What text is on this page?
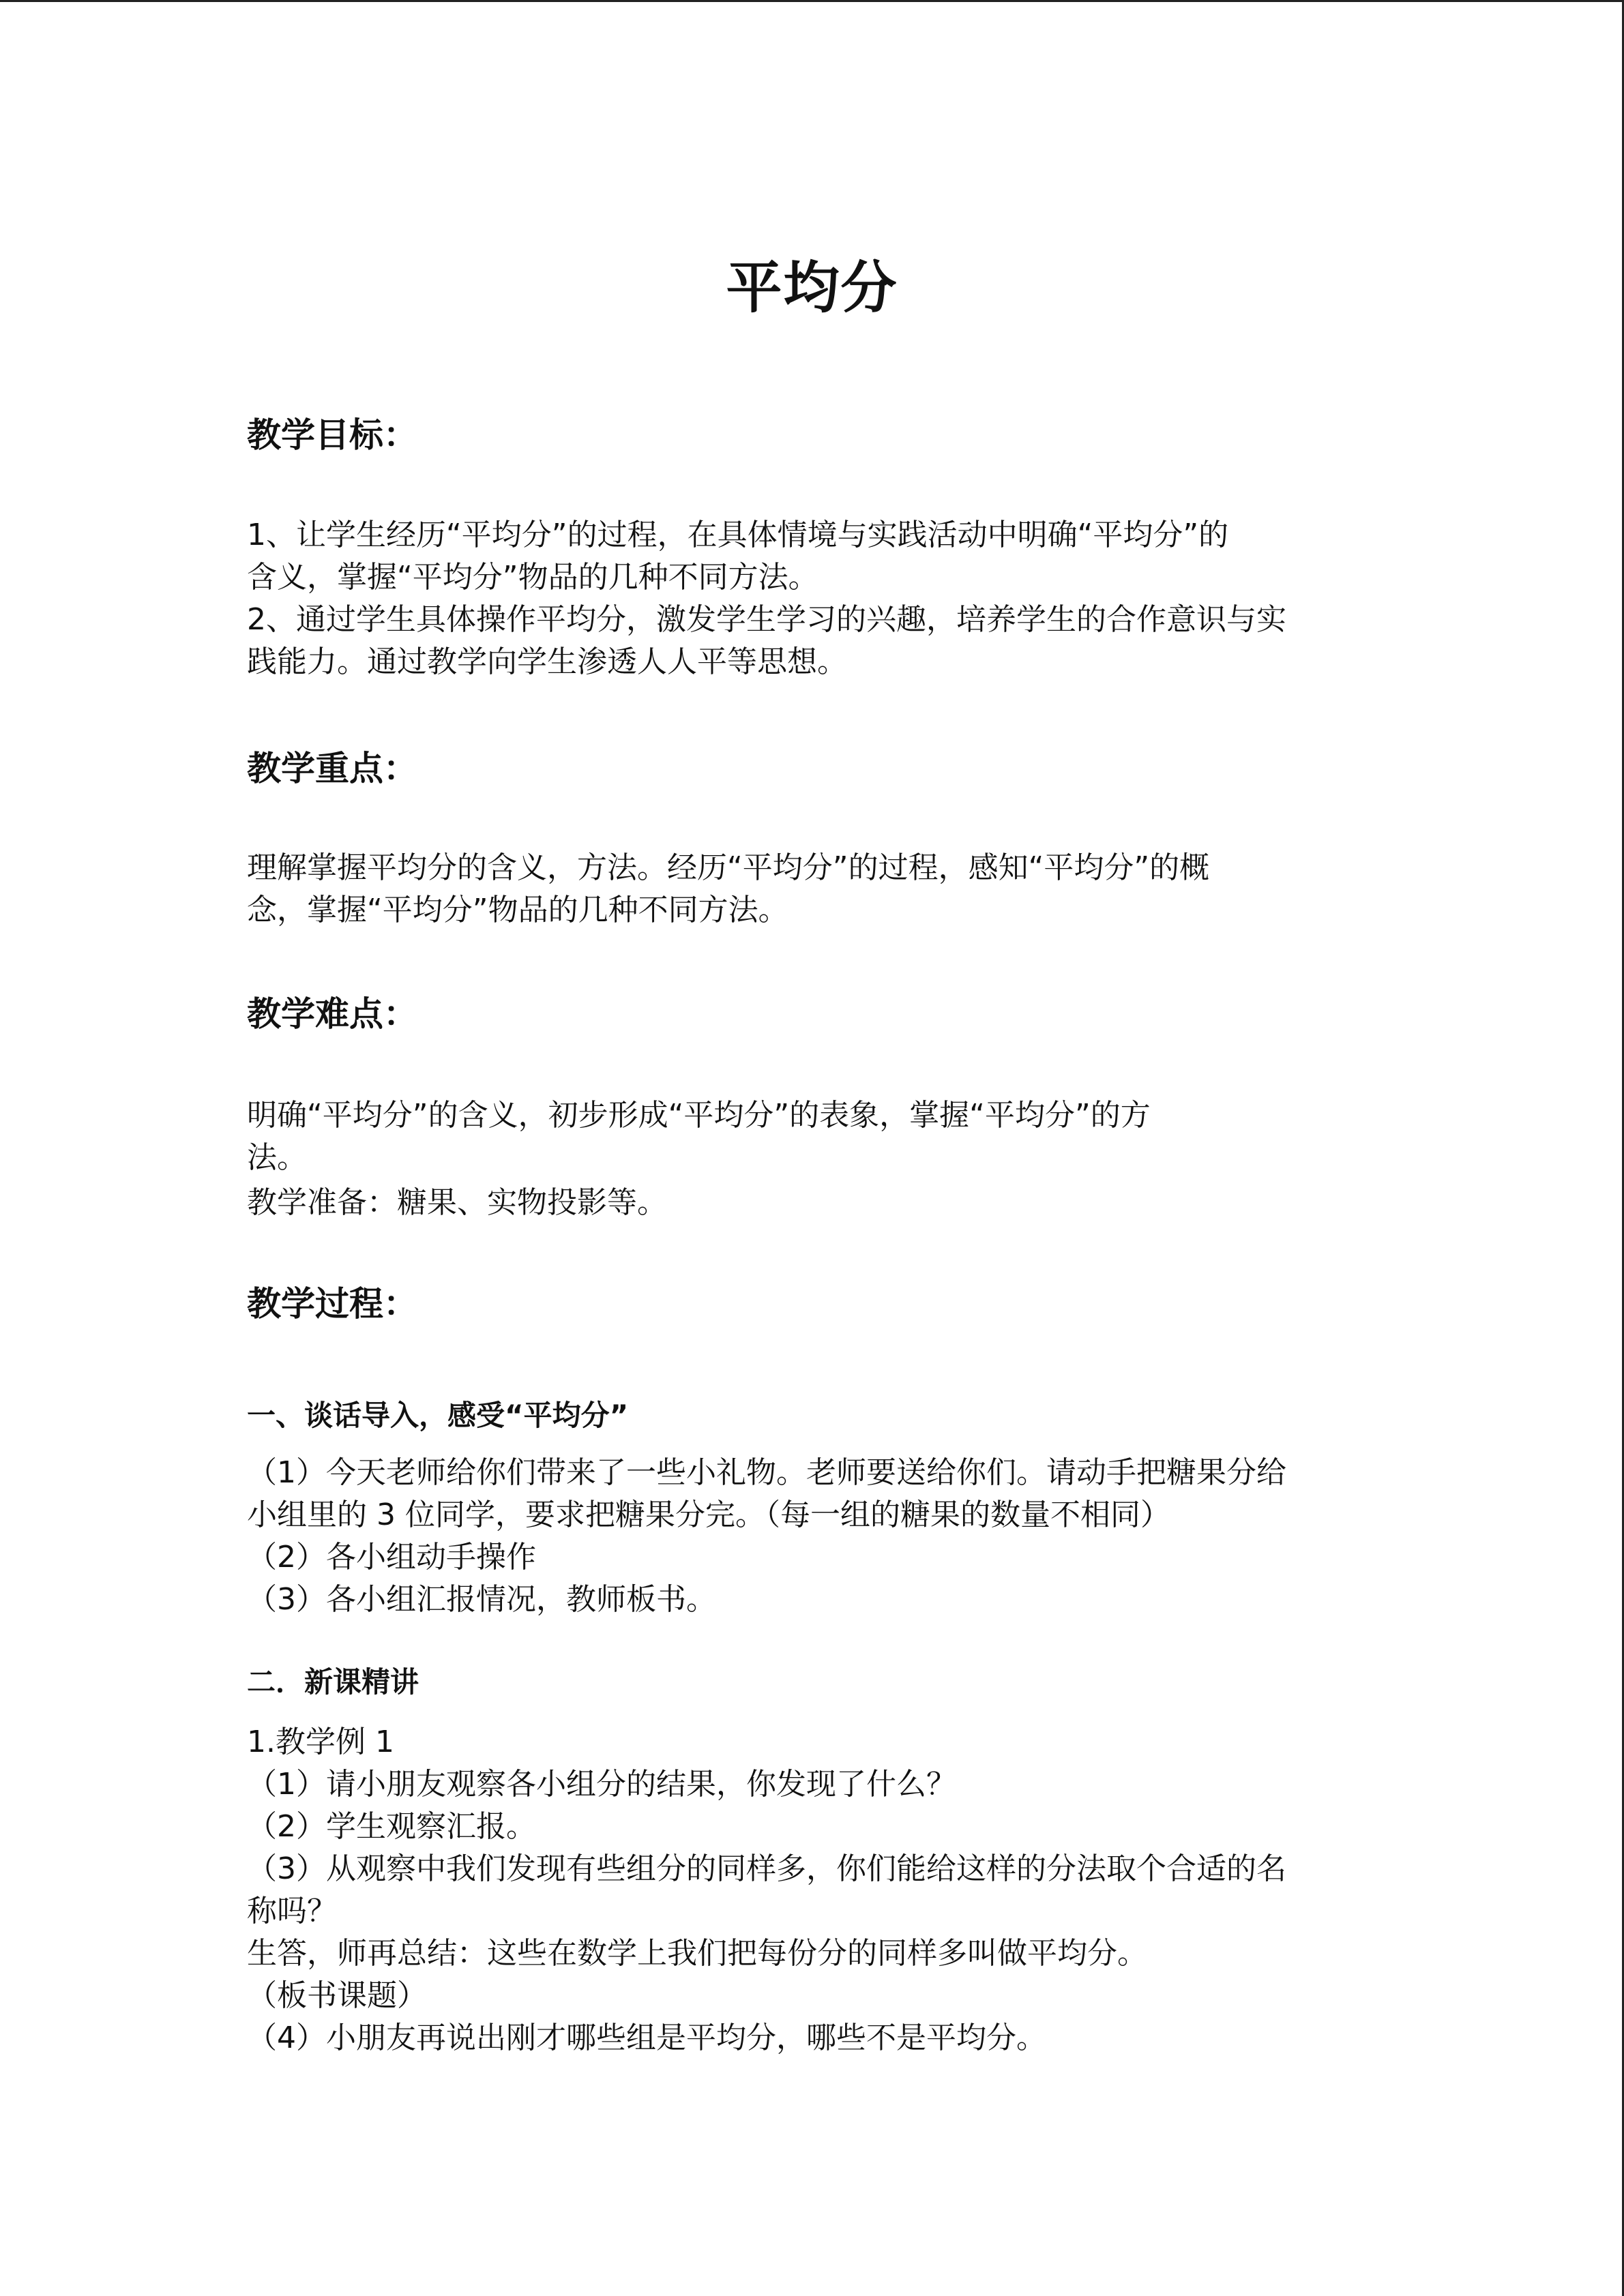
平均分
教学目标：
1、让学生经历“平均分”的过程，在具体情境与实践活动中明确“平均分”的
含义，掌握“平均分”物品的几种不同方法。
2、通过学生具体操作平均分，激发学生学习的兴趣，培养学生的合作意识与实
践能力。通过教学向学生渗透人人平等思想。
教学重点：
理解掌握平均分的含义，方法。经历“平均分”的过程，感知“平均分”的概
念，掌握“平均分”物品的几种不同方法。
教学难点：
明确“平均分”的含义，初步形成“平均分”的表象，掌握“平均分”的方
法。
教学准备：糖果、实物投影等。
教学过程：
一、谈话导入，感受“平均分”
（1）今天老师给你们带来了一些小礼物。老师要送给你们。请动手把糖果分给
小组里的 3 位同学，要求把糖果分完。（每一组的糖果的数量不相同）
（2）各小组动手操作
（3）各小组汇报情况，教师板书。
二．新课精讲
1.教学例 1
（1）请小朋友观察各小组分的结果，你发现了什么？
（2）学生观察汇报。
（3）从观察中我们发现有些组分的同样多，你们能给这样的分法取个合适的名
称吗？
生答，师再总结：这些在数学上我们把每份分的同样多叫做平均分。
（板书课题）
（4）小朋友再说出刚才哪些组是平均分，哪些不是平均分。
